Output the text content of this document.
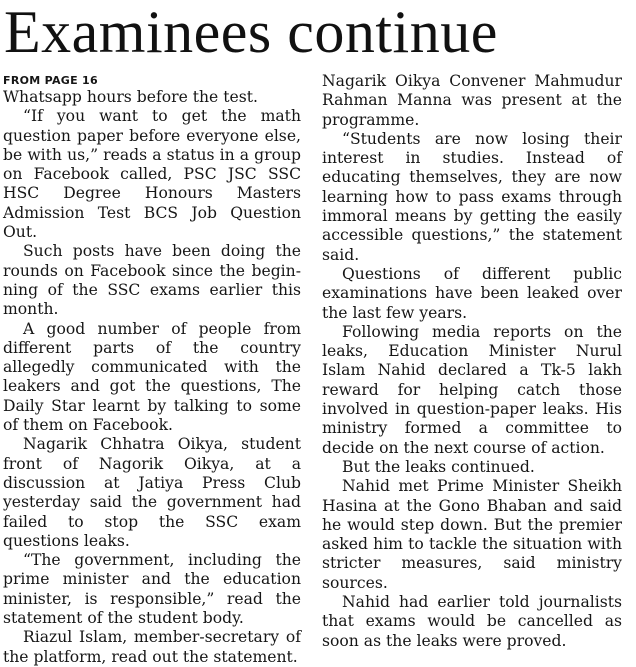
Examinees continue
FROM PAGE 16

Whatsapp hours before the test.

“If you want to get the math question paper before everyone else, be with us,” reads a status in a group on Facebook called, PSC JSC SSC HSC Degree Honours Masters Admission Test BCS Job Question Out.

Such posts have been doing the rounds on Facebook since the beginning of the SSC exams earlier this month.

A good number of people from different parts of the country allegedly communicated with the leakers and got the questions, The Daily Star learnt by talking to some of them on Facebook.

Nagarik Chhatra Oikya, student front of Nagorik Oikya, at a discussion at Jatiya Press Club yesterday said the government had failed to stop the SSC exam questions leaks.

“The government, including the prime minister and the education minister, is responsible,” read the statement of the student body.

Riazul Islam, member-secretary of the platform, read out the statement.

Nagarik Oikya Convener Mahmudur Rahman Manna was present at the programme.

“Students are now losing their interest in studies. Instead of educating themselves, they are now learning how to pass exams through immoral means by getting the easily accessible questions,” the statement said.

Questions of different public examinations have been leaked over the last few years.

Following media reports on the leaks, Education Minister Nurul Islam Nahid declared a Tk-5 lakh reward for helping catch those involved in question-paper leaks. His ministry formed a committee to decide on the next course of action.

But the leaks continued.

Nahid met Prime Minister Sheikh Hasina at the Gono Bhaban and said he would step down. But the premier asked him to tackle the situation with stricter measures, said ministry sources.

Nahid had earlier told journalists that exams would be cancelled as soon as the leaks were proved.
